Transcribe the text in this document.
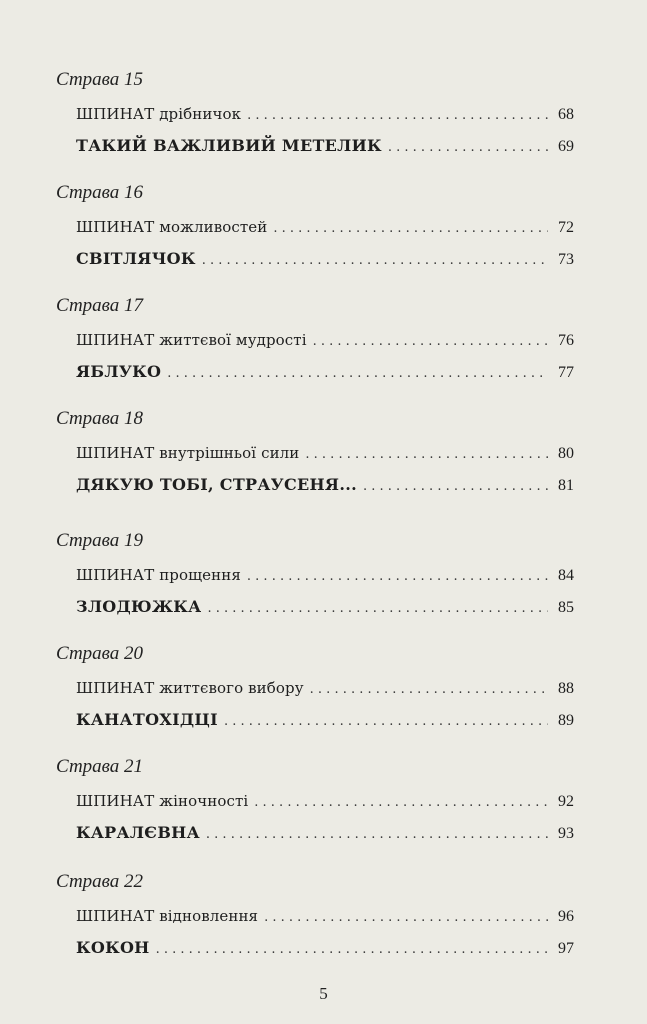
Страва 15
ШПИНАТ дрібничок . . .	68
ТАКИЙ ВАЖЛИВИЙ МЕТЕЛИК . . .	69
Страва 16
ШПИНАТ можливостей . . .	72
СВІТЛЯЧОК . . .	73
Страва 17
ШПИНАТ життєвої мудрості . . .	76
ЯБЛУКО . . .	77
Страва 18
ШПИНАТ внутрішньої сили . . .	80
ДЯКУЮ ТОБІ, СТРАУСЕНЯ... . . .	81
Страва 19
ШПИНАТ прощення . . .	84
ЗЛОДЮЖКА . . .	85
Страва 20
ШПИНАТ життєвого вибору . . .	88
КАНАТОХІДЦІ . . .	89
Страва 21
ШПИНАТ жіночності . . .	92
КАРАЛЄВНА . . .	93
Страва 22
ШПИНАТ відновлення . . .	96
КОКОН . . .	97
5
